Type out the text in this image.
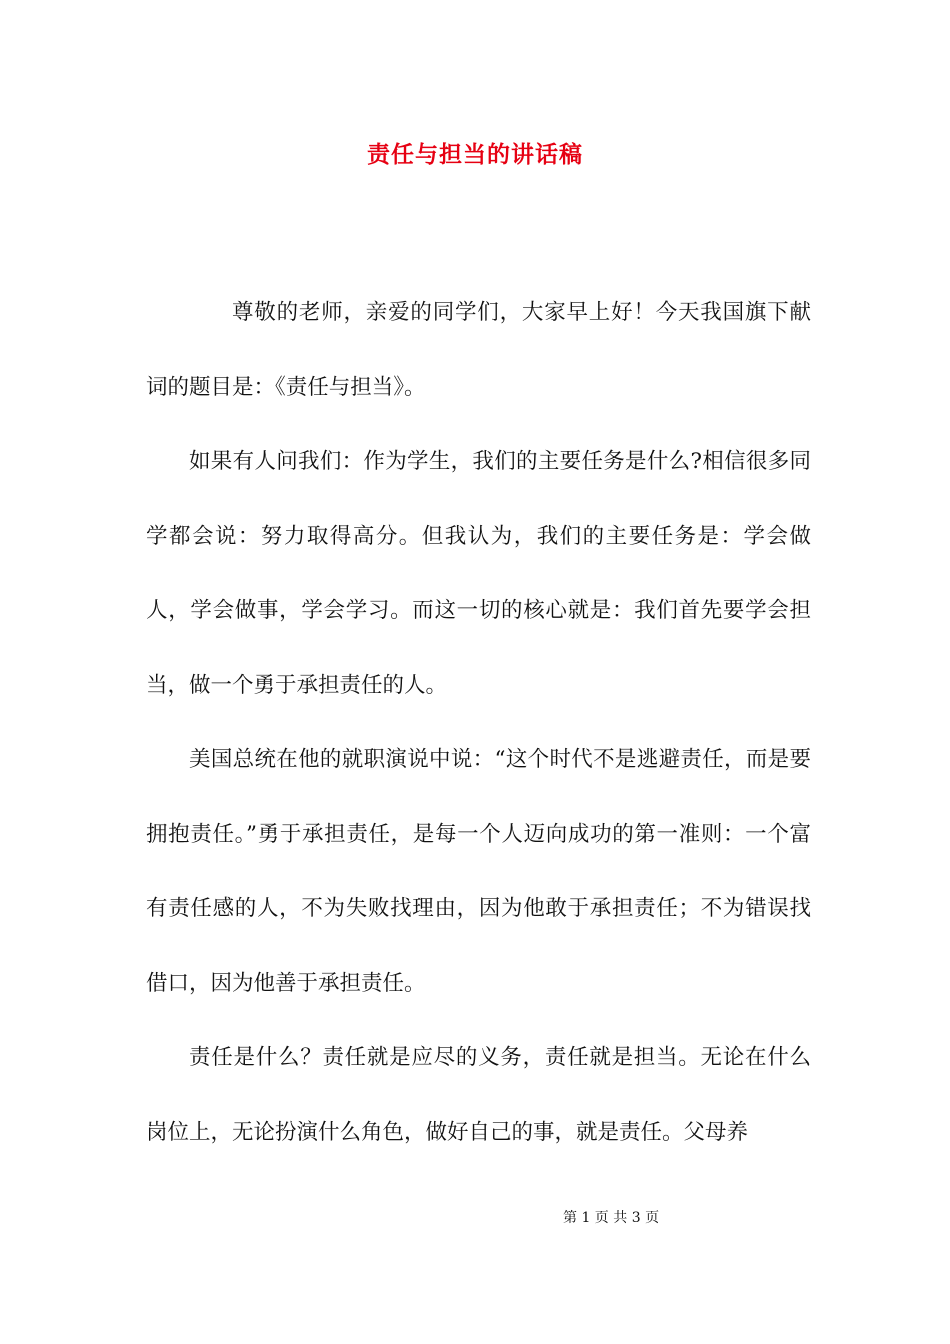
责任与担当的讲话稿

尊敬的老师，亲爱的同学们，大家早上好！今天我国旗下献词的题目是：《责任与担当》。

如果有人问我们：作为学生，我们的主要任务是什么?相信很多同学都会说：努力取得高分。但我认为，我们的主要任务是：学会做人，学会做事，学会学习。而这一切的核心就是：我们首先要学会担当，做一个勇于承担责任的人。

美国总统在他的就职演说中说：“这个时代不是逃避责任，而是要拥抱责任。”勇于承担责任，是每一个人迈向成功的第一准则：一个富有责任感的人，不为失败找理由，因为他敢于承担责任；不为错误找借口，因为他善于承担责任。

责任是什么？责任就是应尽的义务，责任就是担当。无论在什么岗位上，无论扮演什么角色，做好自己的事，就是责任。父母养

第 1 页 共 3 页
